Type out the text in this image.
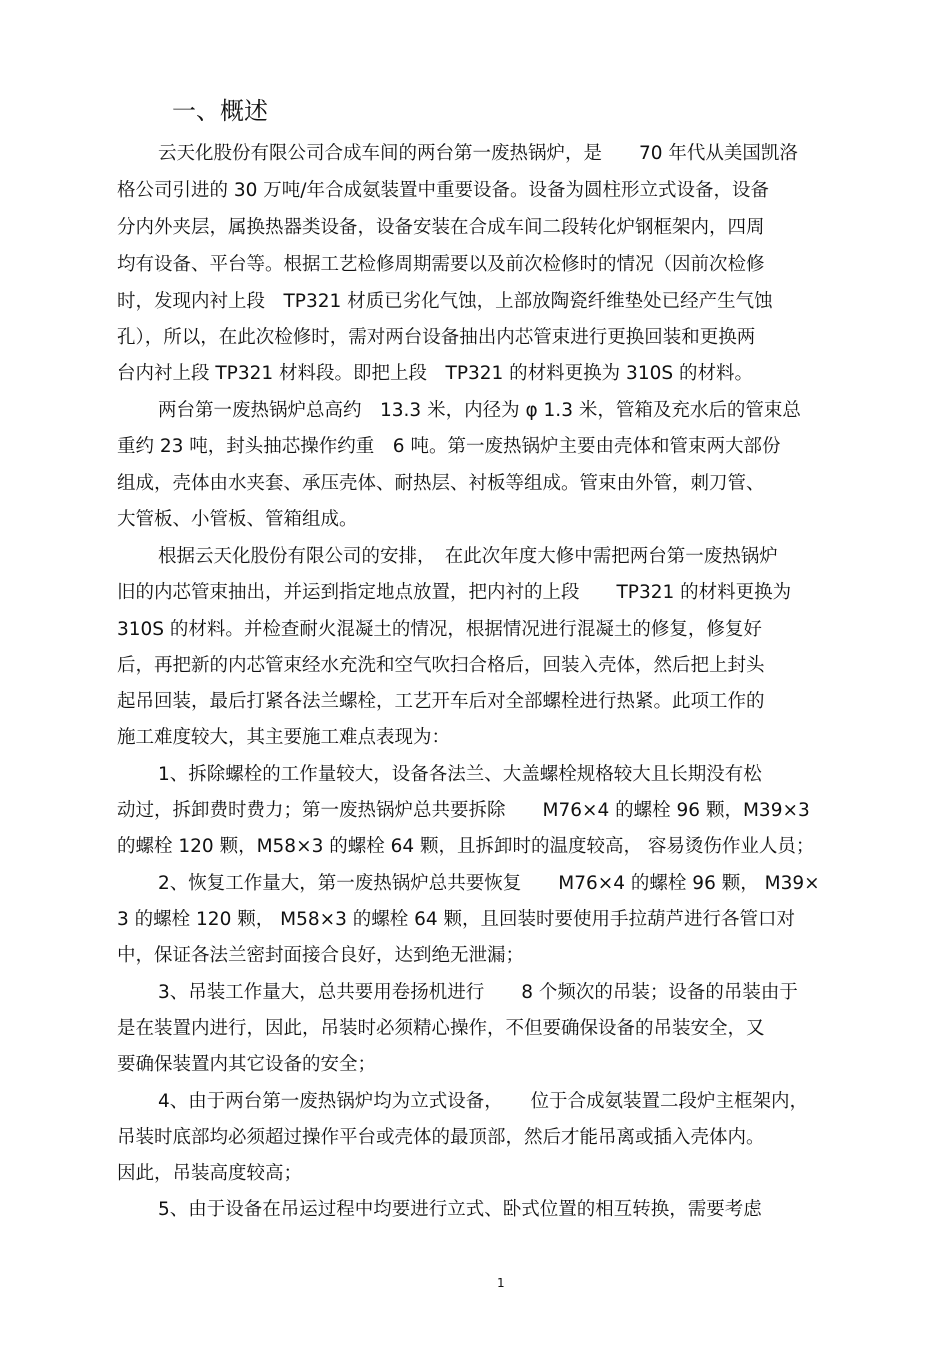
一、概述
云天化股份有限公司合成车间的两台第一废热锅炉，是　　70 年代从美国凯洛
格公司引进的 30 万吨/年合成氨装置中重要设备。设备为圆柱形立式设备，设备
分内外夹层，属换热器类设备，设备安装在合成车间二段转化炉钢框架内，四周
均有设备、平台等。根据工艺检修周期需要以及前次检修时的情况（因前次检修
时，发现内衬上段　TP321 材质已劣化气蚀，上部放陶瓷纤维垫处已经产生气蚀
孔），所以，在此次检修时，需对两台设备抽出内芯管束进行更换回装和更换两
台内衬上段 TP321 材料段。即把上段　TP321 的材料更换为 310S 的材料。
两台第一废热锅炉总高约　13.3 米，内径为 φ 1.3 米，管箱及充水后的管束总
重约 23 吨，封头抽芯操作约重　6 吨。第一废热锅炉主要由壳体和管束两大部份
组成，壳体由水夹套、承压壳体、耐热层、衬板等组成。管束由外管，刺刀管、
大管板、小管板、管箱组成。
根据云天化股份有限公司的安排，　在此次年度大修中需把两台第一废热锅炉
旧的内芯管束抽出，并运到指定地点放置，把内衬的上段　　TP321 的材料更换为
310S 的材料。并检查耐火混凝土的情况，根据情况进行混凝土的修复，修复好
后，再把新的内芯管束经水充洗和空气吹扫合格后，回装入壳体，然后把上封头
起吊回装，最后打紧各法兰螺栓，工艺开车后对全部螺栓进行热紧。此项工作的
施工难度较大，其主要施工难点表现为：
1、拆除螺栓的工作量较大，设备各法兰、大盖螺栓规格较大且长期没有松
动过，拆卸费时费力；第一废热锅炉总共要拆除　　M76×4 的螺栓 96 颗，M39×3
的螺栓 120 颗，M58×3 的螺栓 64 颗，且拆卸时的温度较高， 容易烫伤作业人员；
2、恢复工作量大，第一废热锅炉总共要恢复　　M76×4 的螺栓 96 颗， M39×
3 的螺栓 120 颗， M58×3 的螺栓 64 颗，且回装时要使用手拉葫芦进行各管口对
中，保证各法兰密封面接合良好，达到绝无泄漏；
3、吊装工作量大，总共要用卷扬机进行　　8 个频次的吊装；设备的吊装由于
是在装置内进行，因此，吊装时必须精心操作，不但要确保设备的吊装安全，又
要确保装置内其它设备的安全；
4、由于两台第一废热锅炉均为立式设备，　　位于合成氨装置二段炉主框架内，
吊装时底部均必须超过操作平台或壳体的最顶部，然后才能吊离或插入壳体内。
因此，吊装高度较高；
5、由于设备在吊运过程中均要进行立式、卧式位置的相互转换，需要考虑
1
